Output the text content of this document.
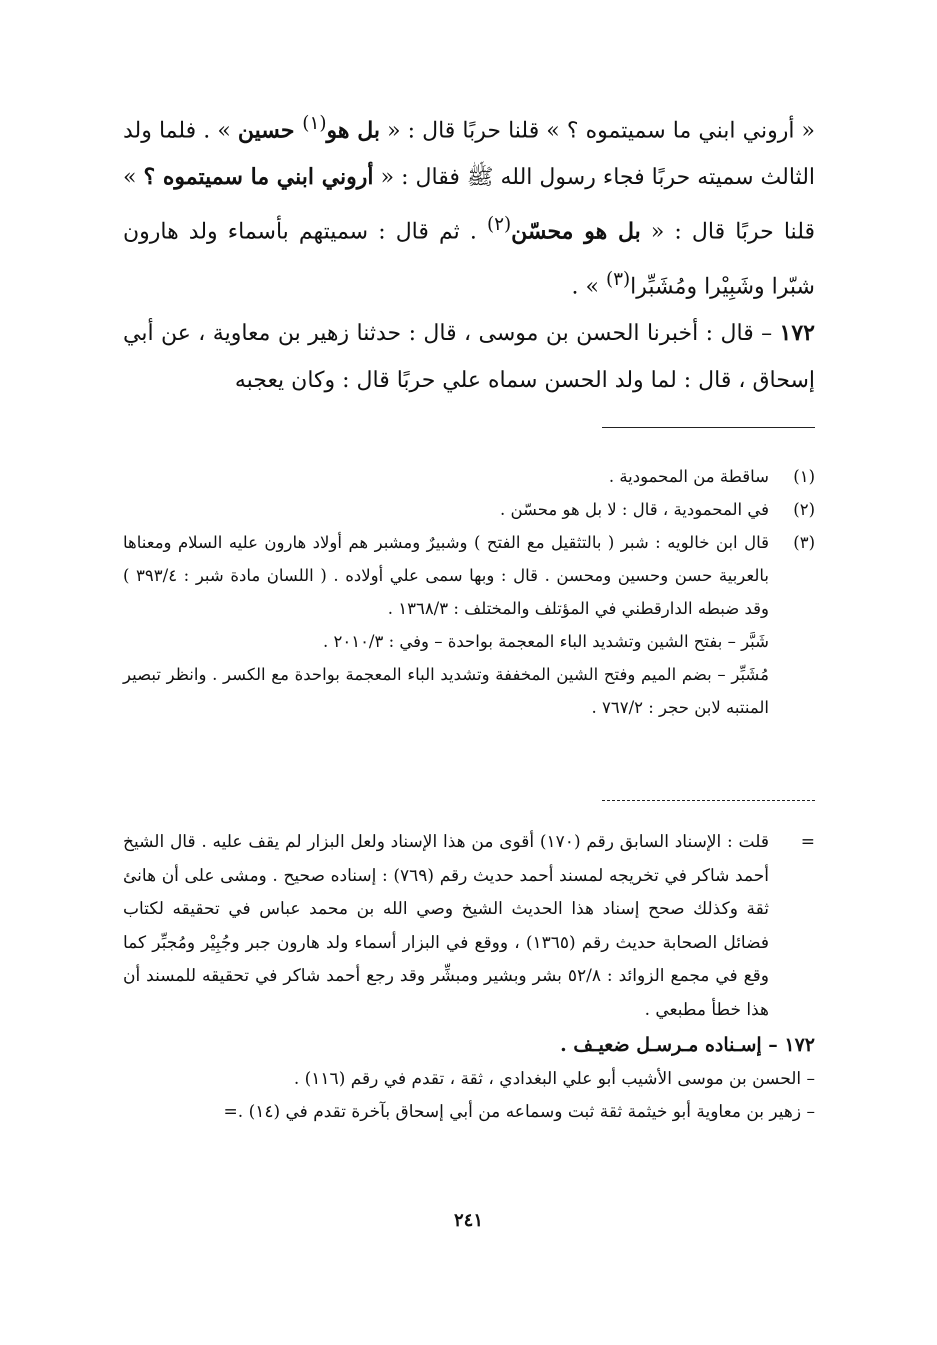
« أروني ابني ما سميتموه ؟ » قلنا حربًا قال : « بل هو$^{(١)}$ حسين » . فلما ولد الثالث سميته حربًا فجاء رسول الله ﷺ فقال : « أروني ابني ما سميتموه ؟ » قلنا حربًا قال : « بل هو محسّن$^{(٢)}$ . ثم قال : سميتهم بأسماء ولد هارون شبّرا وشَبِيْرا ومُشَبِّرا$^{(٣)}$ » .

١٧٢ – قال : أخبرنا الحسن بن موسى ، قال : حدثنا زهير بن معاوية ، عن أبي إسحاق ، قال : لما ولد الحسن سماه علي حربًا قال : وكان يعجبه

(١)
ساقطة من المحمودية .
(٢)
في المحمودية ، قال : لا بل هو محسّن .
(٣)
قال ابن خالويه : شبر ( بالتثقيل مع الفتح ) وشبيرٌ ومشبر هم أولاد هارون عليه السلام ومعناها بالعربية حسن وحسين ومحسن . قال : وبها سمى علي أولاده . ( اللسان مادة شبر : ٣٩٣/٤ ) وقد ضبطه الدارقطني في المؤتلف والمختلف : ١٣٦٨/٣ .
شَبَّر – بفتح الشين وتشديد الباء المعجمة بواحدة – وفي : ٢٠١٠/٣ .
مُشَبِّر – بضم الميم وفتح الشين المخففة وتشديد الباء المعجمة بواحدة مع الكسر . وانظر تبصير المنتبه لابن حجر : ٧٦٧/٢ .
=
قلت : الإسناد السابق رقم (١٧٠) أقوى من هذا الإسناد ولعل البزار لم يقف عليه . قال الشيخ أحمد شاكر في تخريجه لمسند أحمد حديث رقم (٧٦٩) : إسناده صحيح . ومشى على أن هانئ ثقة وكذلك صحح إسناد هذا الحديث الشيخ وصي الله بن محمد عباس في تحقيقه لكتاب فضائل الصحابة حديث رقم (١٣٦٥) ، ووقع في البزار أسماء ولد هارون جبر وجُبِيْر ومُجبِّر كما وقع في مجمع الزوائد : ٥٢/٨ بشر وبشير ومبشِّر وقد رجع أحمد شاكر في تحقيقه للمسند أن هذا خطأ مطبعي .
١٧٢ – إسـناده مـرسـل ضعيـف .
– الحسن بن موسى الأشيب أبو علي البغدادي ، ثقة ، تقدم في رقم (١١٦) .
– زهير بن معاوية أبو خيثمة ثقة ثبت وسماعه من أبي إسحاق بآخرة تقدم في (١٤) .=
٢٤١
